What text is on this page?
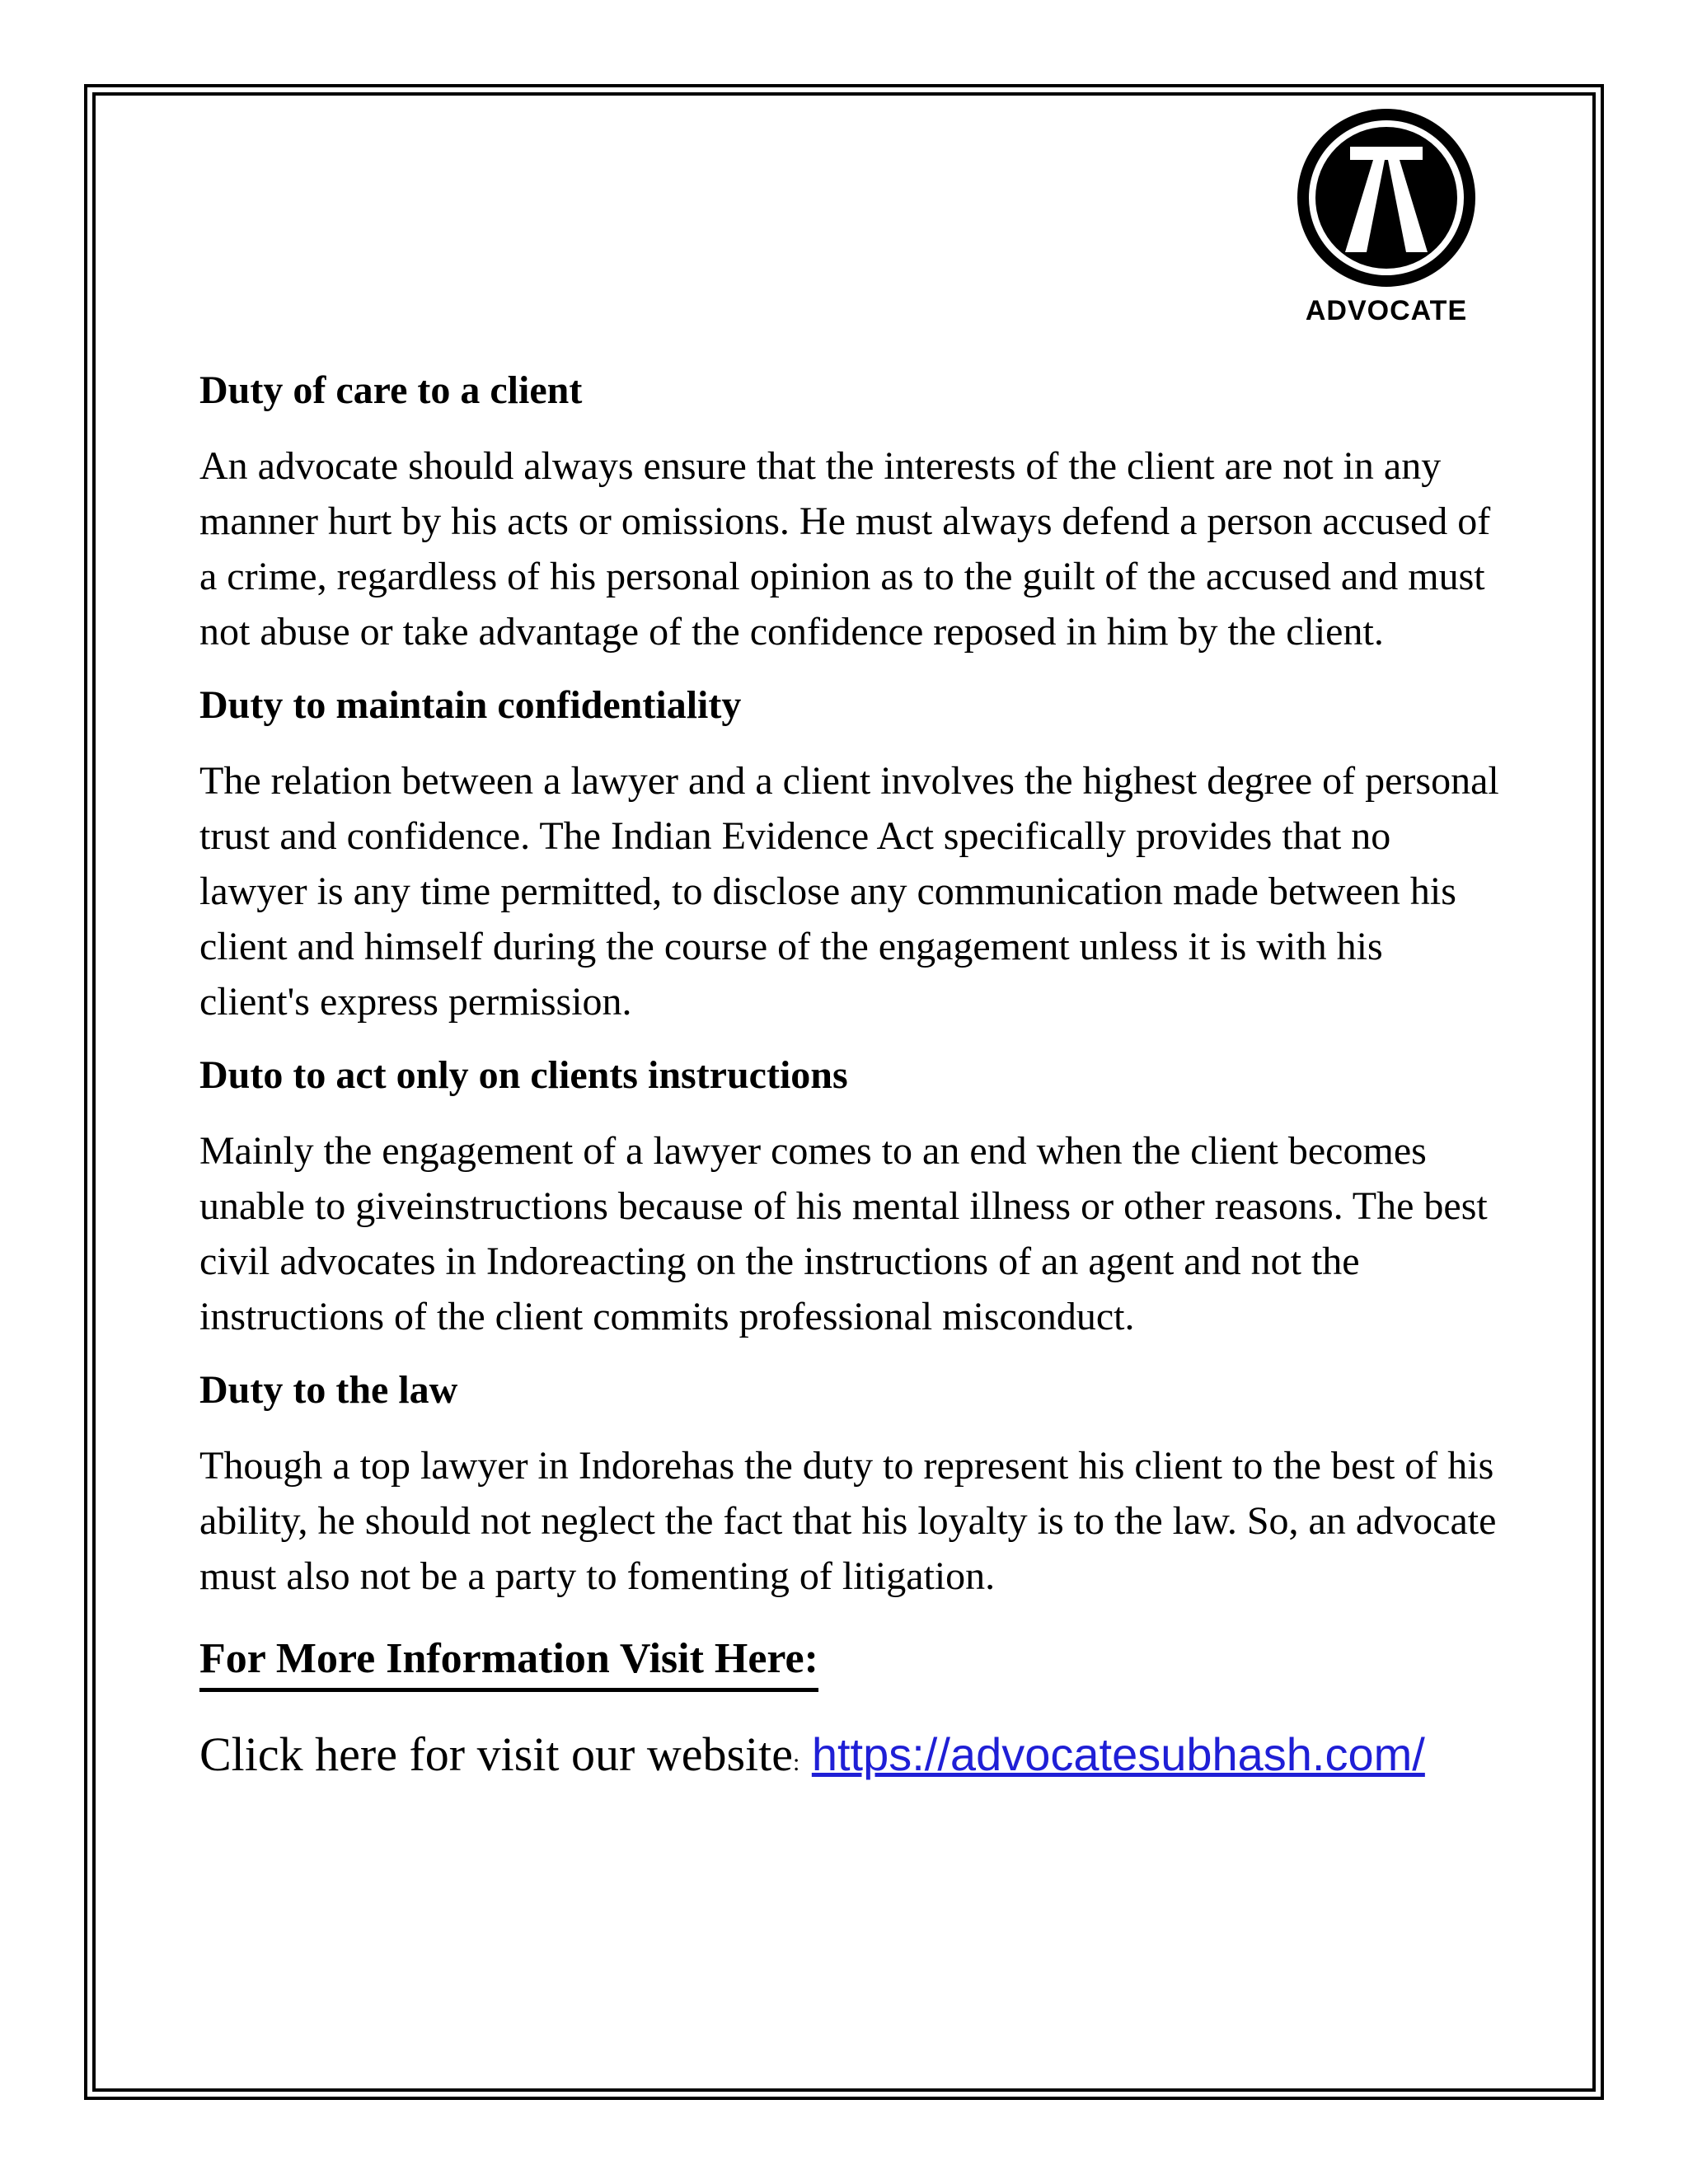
ADVOCATE
Duty of care to a client
An advocate should always ensure that the interests of the client are not in any manner hurt by his acts or omissions. He must always defend a person accused of a crime, regardless of his personal opinion as to the guilt of the accused and must not abuse or take advantage of the confidence reposed in him by the client.
Duty to maintain confidentiality
The relation between a lawyer and a client involves the highest degree of personal trust and confidence. The Indian Evidence Act specifically provides that no lawyer is any time permitted, to disclose any communication made between his client and himself during the course of the engagement unless it is with his client's express permission.
Duto to act only on clients instructions
Mainly the engagement of a lawyer comes to an end when the client becomes unable to giveinstructions because of his mental illness or other reasons. The best civil advocates in Indoreacting on the instructions of an agent and not the instructions of the client commits professional misconduct.
Duty to the law
Though a top lawyer in Indorehas the duty to represent his client to the best of his ability, he should not neglect the fact that his loyalty is to the law. So, an advocate must also not be a party to fomenting of litigation.
For More Information Visit Here:
Click here for visit our website: https://advocatesubhash.com/
